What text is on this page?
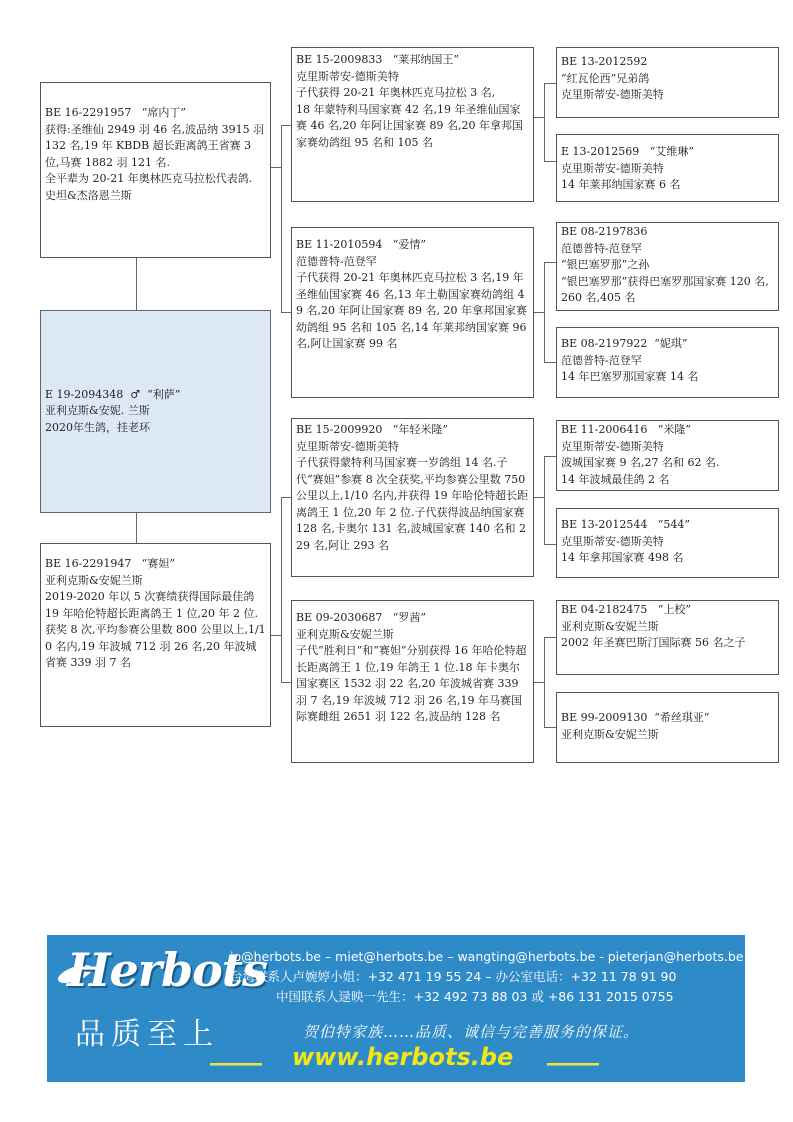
BE 16-2291957   “席内丁”
获得:圣维仙 2949 羽 46 名,波品纳 3915 羽 132 名,19 年 KBDB 超长距离鸽王省赛 3 位,马赛 1882 羽 121 名.
全平辈为 20-21 年奥林匹克马拉松代表鸽.
史坦&杰洛恩兰斯
E 19-2094348  ♂  “利萨”
亚利克斯&安妮. 兰斯
2020年生鸽，挂老环
BE 16-2291947   “赛妲”
亚利克斯&安妮兰斯
2019-2020 年以 5 次赛绩获得国际最佳鸽
19 年哈伦特超长距离鸽王 1 位,20 年 2 位.
获奖 8 次,平均参赛公里数 800 公里以上,1/10 名内,19 年波城 712 羽 26 名,20 年波城省赛 339 羽 7 名
BE 15-2009833   “莱邦纳国王”
克里斯蒂安-德斯美特
子代获得 20-21 年奥林匹克马拉松 3 名,
18 年蒙特利马国家赛 42 名,19 年圣维仙国家赛 46 名,20 年阿让国家赛 89 名,20 年拿邦国家赛幼鸽组 95 名和 105 名
BE 11-2010594   “爱情”
范德普特-范登罕
子代获得 20-21 年奥林匹克马拉松 3 名,19 年圣维仙国家赛 46 名,13 年土勒国家赛幼鸽组 49 名,20 年阿让国家赛 89 名, 20 年拿邦国家赛幼鸽组 95 名和 105 名,14 年莱邦纳国家赛 96 名,阿让国家赛 99 名
BE 15-2009920   “年轻米隆”
克里斯蒂安-德斯美特
子代获得蒙特利马国家赛一岁鸽组 14 名.子代“赛妲”参赛 8 次全获奖,平均参赛公里数 750 公里以上,1/10 名内,并获得 19 年哈伦特超长距离鸽王 1 位,20 年 2 位.子代获得波品纳国家赛 128 名,卡奥尔 131 名,波城国家赛 140 名和 229 名,阿让 293 名
BE 09-2030687   “罗茜”
亚利克斯&安妮兰斯
子代“胜利日”和“赛妲”分别获得 16 年哈伦特超长距离鸽王 1 位,19 年鸽王 1 位.18 年卡奥尔国家赛区 1532 羽 22 名,20 年波城省赛 339 羽 7 名,19 年波城 712 羽 26 名,19 年马赛国际赛雌组 2651 羽 122 名,波品纳 128 名
BE 13-2012592
“红瓦伦西”兄弟鸽
克里斯蒂安-德斯美特
E 13-2012569   “艾维琳”
克里斯蒂安-德斯美特
14 年莱邦纳国家赛 6 名
BE 08-2197836
范德普特-范登罕
“银巴塞罗那”之孙
“银巴塞罗那”获得巴塞罗那国家赛 120 名,260 名,405 名
BE 08-2197922  “妮琪”
范德普特-范登罕
14 年巴塞罗那国家赛 14 名
BE 11-2006416   “米隆”
克里斯蒂安-德斯美特
波城国家赛 9 名,27 名和 62 名.
14 年波城最佳鸽 2 名
BE 13-2012544   “544”
克里斯蒂安-德斯美特
14 年拿邦国家赛 498 名
BE 04-2182475   “上校”
亚利克斯&安妮兰斯
2002 年圣赛巴斯汀国际赛 56 名之子
BE 99-2009130  “希丝琪亚”
亚利克斯&安妮兰斯
Herbots
品质至上
jo@herbots.be – miet@herbots.be – wangting@herbots.be - pieterjan@herbots.be
台湾联系人卢婉婷小姐：+32 471 19 55 24 – 办公室电话：+32 11 78 91 90
中国联系人逯映一先生：+32 492 73 88 03 或 +86 131 2015 0755
贺伯特家族……品质、诚信与完善服务的保证。
www.herbots.be
